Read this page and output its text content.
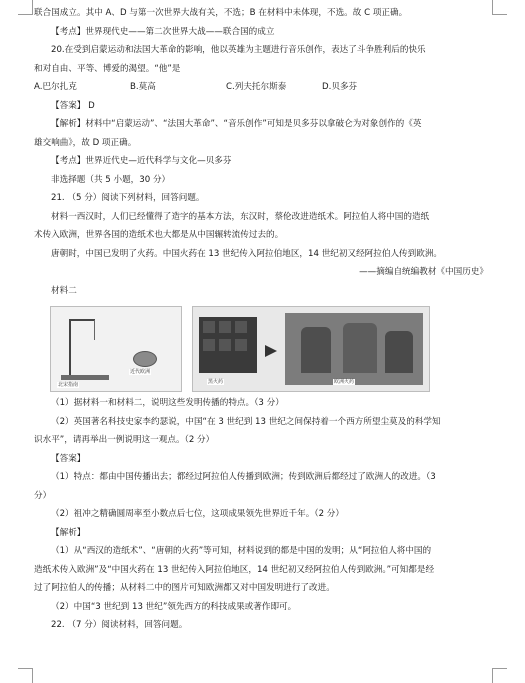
联合国成立。其中 A、D 与第一次世界大战有关，不选；B 在材料中未体现，不选。故 C 项正确。
【考点】世界现代史——第二次世界大战——联合国的成立
20.在受到启蒙运动和法国大革命的影响，他以英雄为主题进行音乐创作，表达了斗争胜利后的快乐
和对自由、平等、博爱的渴望。“他”是
A.巴尔扎克	B.莫高	C.列夫托尔斯泰	D.贝多芬
【答案】 D
【解析】材料中“启蒙运动”、“法国大革命”、“音乐创作”可知是贝多芬以拿破仑为对象创作的《英
雄交响曲》，故 D 项正确。
【考点】世界近代史—近代科学与文化—贝多芬
非选择题（共 5 小题，30 分）
21. （5 分）阅读下列材料，回答问题。
材料一西汉时，人们已经懂得了造字的基本方法，东汉时，蔡伦改进造纸术。阿拉伯人将中国的造纸
术传入欧洲，世界各国的造纸术也大都是从中国辗转流传过去的。
唐朝时，中国已发明了火药。中国火药在 13 世纪传入阿拉伯地区，14 世纪初又经阿拉伯人传到欧洲。
——摘编自统编教材《中国历史》
材料二
北宋指南
近代欧洲
黑火药	欧洲火药
（1）据材料一和材料二，说明这些发明传播的特点。（3 分）
（2）英国著名科技史家李约瑟说，中国“在 3 世纪到 13 世纪之间保持着一个西方所望尘莫及的科学知
识水平”，请再举出一例说明这一观点。（2 分）
【答案】
（1）特点：都由中国传播出去；都经过阿拉伯人传播到欧洲；传到欧洲后都经过了欧洲人的改进。（3
分）
（2）祖冲之精确圆周率至小数点后七位，这项成果领先世界近千年。（2 分）
【解析】
（1）从“西汉的造纸术”、“唐朝的火药”等可知，材料说到的都是中国的发明；从“阿拉伯人将中国的
造纸术传入欧洲”及“中国火药在 13 世纪传入阿拉伯地区，14 世纪初又经阿拉伯人传到欧洲。”可知都是经
过了阿拉伯人的传播；从材料二中的图片可知欧洲都又对中国发明进行了改进。
（2）中国“3 世纪到 13 世纪”领先西方的科技成果或著作即可。
22. （7 分）阅读材料，回答问题。
